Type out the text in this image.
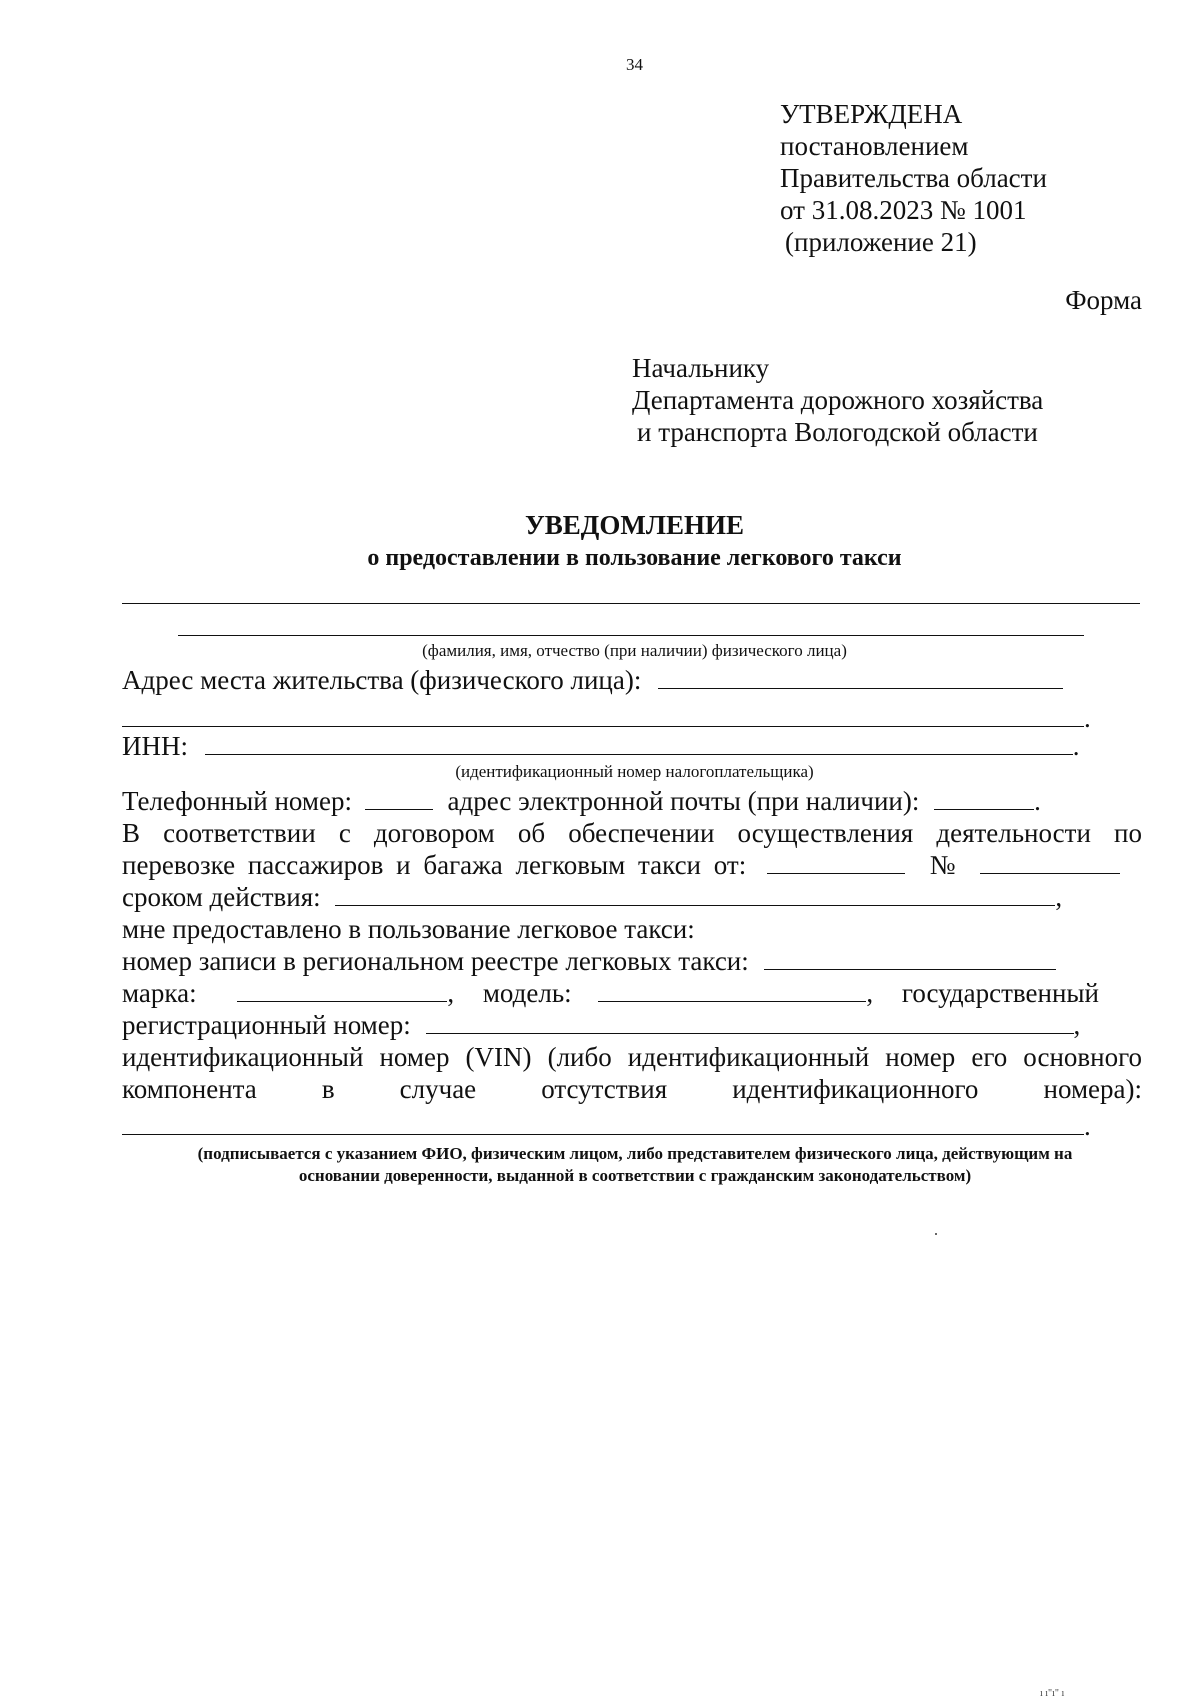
34
УТВЕРЖДЕНА
постановлением
Правительства области
от 31.08.2023 № 1001
(приложение 21)
Форма
Начальнику
Департамента дорожного хозяйства
и транспорта Вологодской области
УВЕДОМЛЕНИЕ
о предоставлении в пользование легкового такси
(фамилия, имя, отчество (при наличии) физического лица)
Адрес места жительства (физического лица):
.
ИНН:	.
(идентификационный номер налогоплательщика)
Телефонный номер:	адрес электронной почты (при наличии):	.
В соответствии с договором об обеспечении осуществления деятельности по
перевозке пассажиров и багажа легковым такси от:	№
сроком действия:	,
мне предоставлено в пользование легковое такси:
номер записи в региональном реестре легковых такси:
марка:	, модель:	, государственный
регистрационный номер:	,
идентификационный номер (VIN) (либо идентификационный номер его основного
компонента в случае отсутствия идентификационного номера):
.
(подписывается с указанием ФИО, физическим лицом, либо представителем физического лица, действующим на
основании доверенности, выданной в соответствии с гражданским законодательством)
ı ı"ı" ı
